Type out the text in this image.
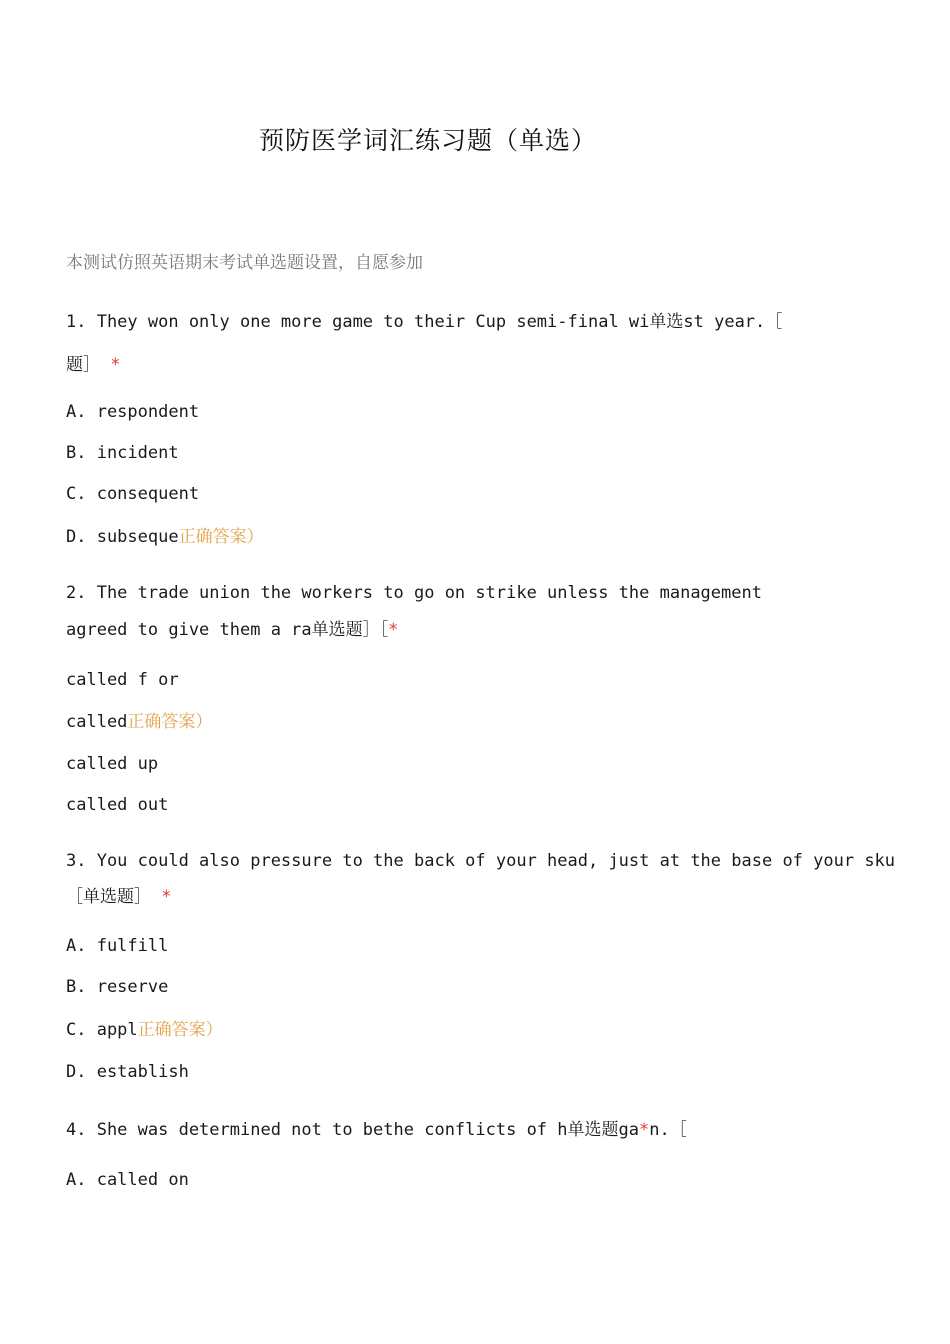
预防医学词汇练习题（单选）
本测试仿照英语期末考试单选题设置，自愿参加
1. They won only one more game to their Cup semi-final wi单选st year.［
题］ *
A. respondent
B. incident
C. consequent
D. subseque正确答案）
2. The trade union the workers to go on strike unless the management
agreed to give them a ra单选题］［*
called f or
called正确答案）
called up
called out
3. You could also pressure to the back of your head, just at the base of your sku
［单选题］ *
A. fulfill
B. reserve
C. appl正确答案）
D. establish
4. She was determined not to bethe conflicts of h单选题ga*n.［
A. called on
